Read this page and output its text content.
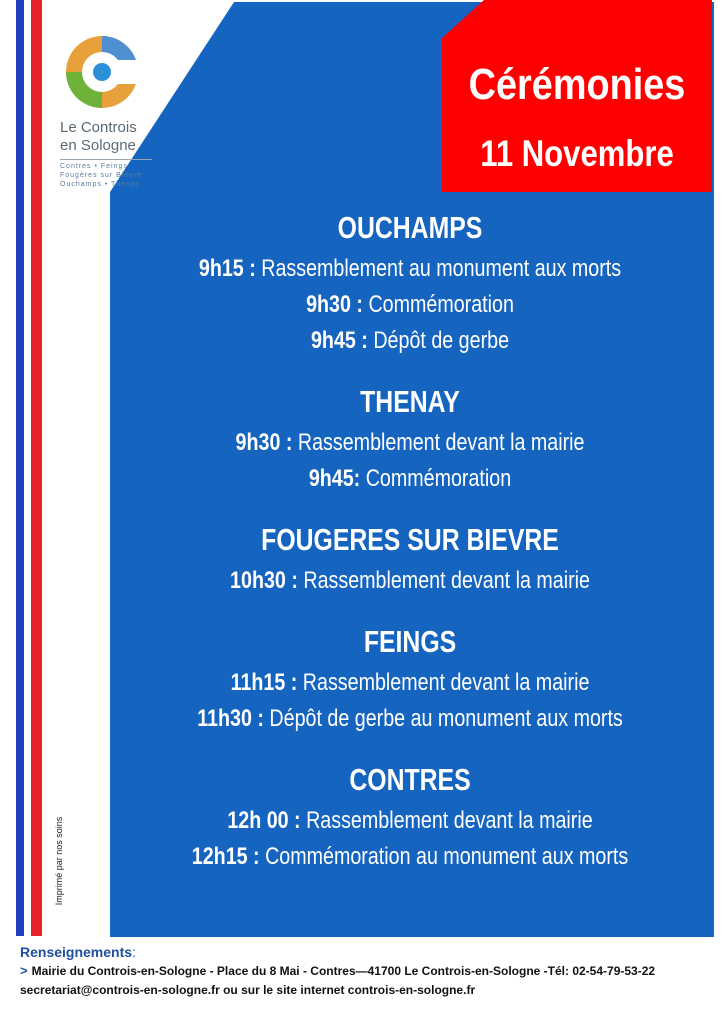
Le Controis
en Sologne
Contres • Feings
Fougères sur Bièvre
Ouchamps • Thenay
Cérémonies
11 Novembre
OUCHAMPS
9h15 : Rassemblement au monument aux morts
9h30 : Commémoration
9h45 : Dépôt de gerbe
THENAY
9h30 : Rassemblement devant la mairie
9h45: Commémoration
FOUGERES SUR BIEVRE
10h30 : Rassemblement devant la mairie
FEINGS
11h15 : Rassemblement devant la mairie
11h30 : Dépôt de gerbe au monument aux morts
CONTRES
12h 00 : Rassemblement devant la mairie
12h15 : Commémoration au monument aux morts
Imprimé par nos soins
Renseignements:
> Mairie du Controis-en-Sologne - Place du 8 Mai - Contres—41700 Le Controis-en-Sologne -Tél: 02-54-79-53-22
secretariat@controis-en-sologne.fr ou sur le site internet controis-en-sologne.fr
